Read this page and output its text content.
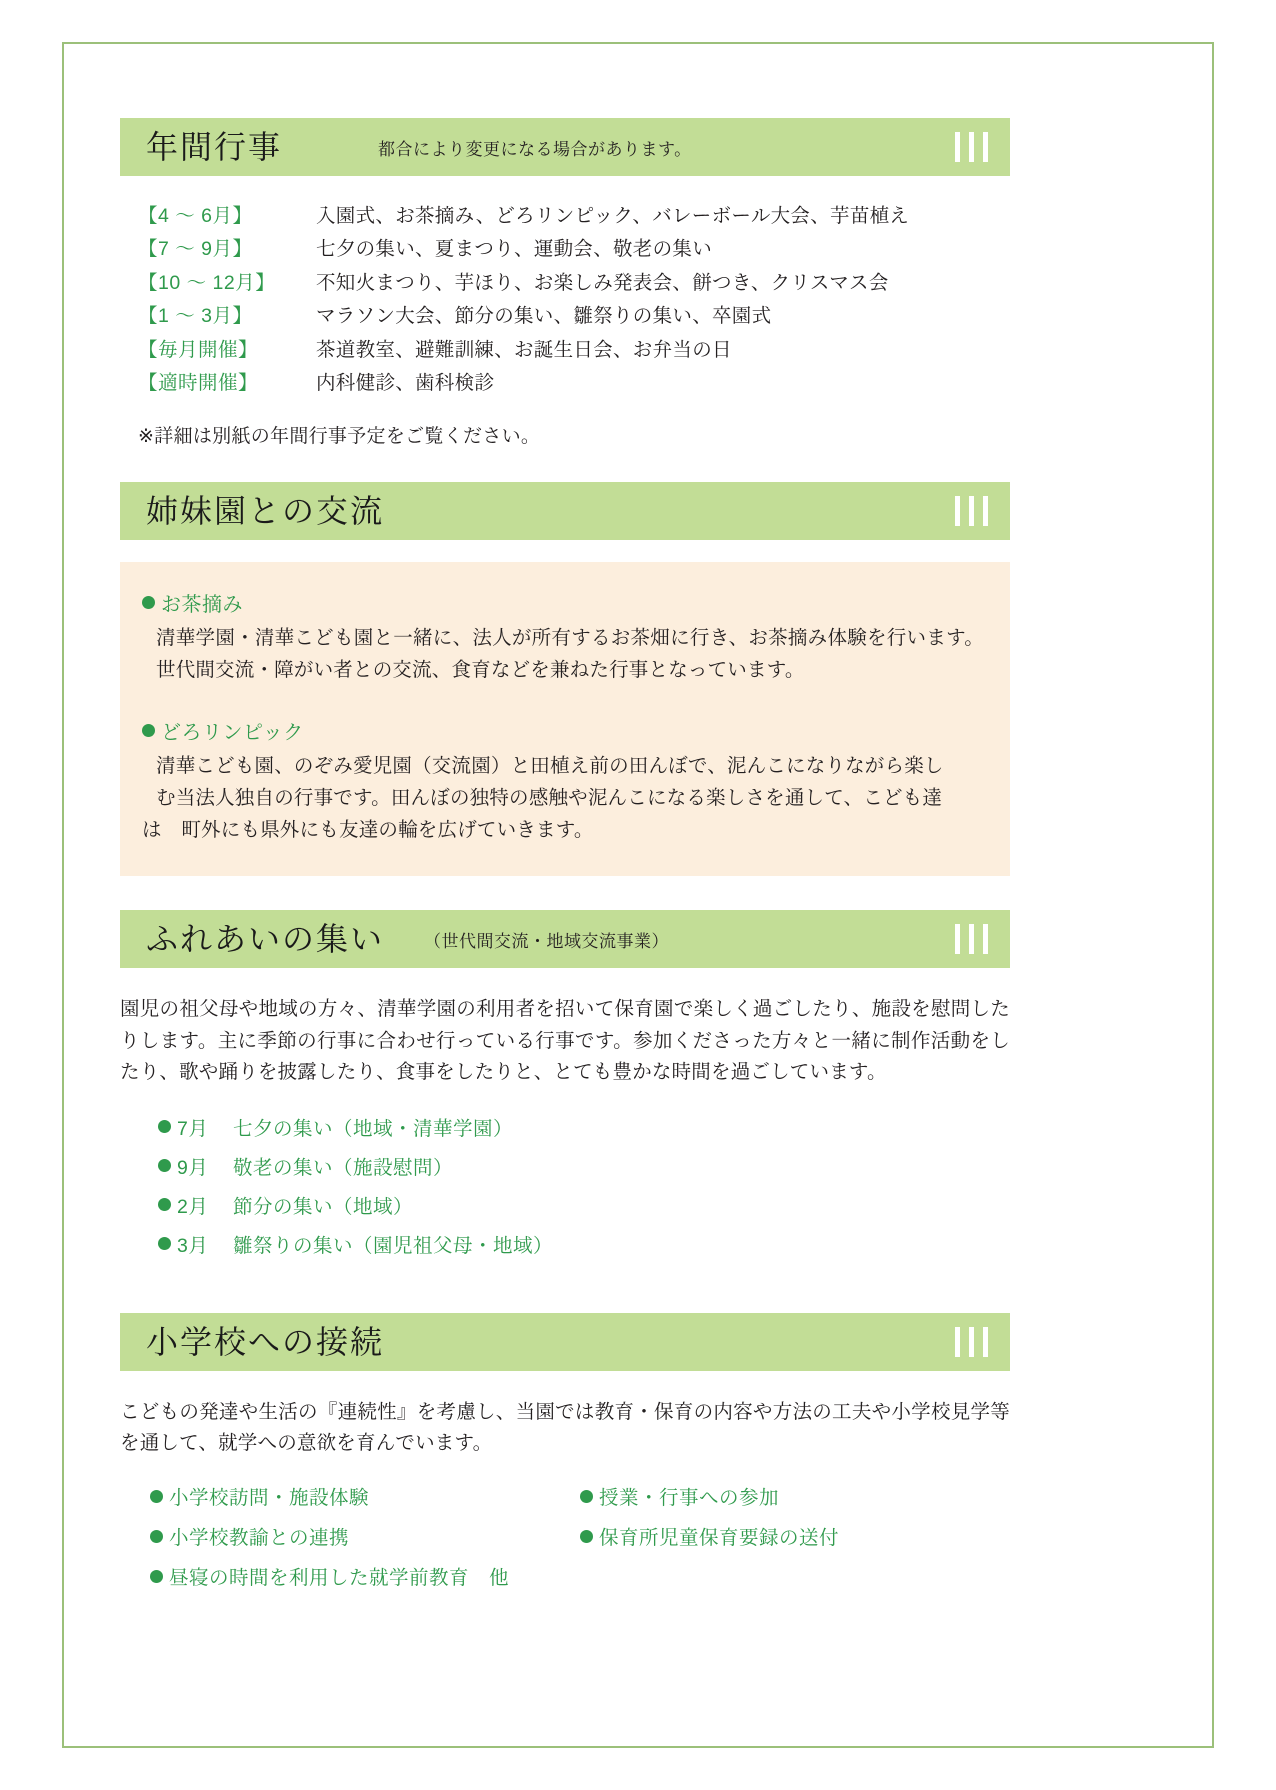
年間行事	都合により変更になる場合があります。
【4 ～ 6月】	入園式、お茶摘み、どろリンピック、バレーボール大会、芋苗植え
【7 ～ 9月】	七夕の集い、夏まつり、運動会、敬老の集い
【10 ～ 12月】	不知火まつり、芋ほり、お楽しみ発表会、餅つき、クリスマス会
【1 ～ 3月】	マラソン大会、節分の集い、雛祭りの集い、卒園式
【毎月開催】	茶道教室、避難訓練、お誕生日会、お弁当の日
【適時開催】	内科健診、歯科検診
※詳細は別紙の年間行事予定をご覧ください。
姉妹園との交流
お茶摘み
清華学園・清華こども園と一緒に、法人が所有するお茶畑に行き、お茶摘み体験を行います。世代間交流・障がい者との交流、食育などを兼ねた行事となっています。
どろリンピック
清華こども園、のぞみ愛児園（交流園）と田植え前の田んぼで、泥んこになりながら楽し
む当法人独自の行事です。田んぼの独特の感触や泥んこになる楽しさを通して、こども達
は　町外にも県外にも友達の輪を広げていきます。
ふれあいの集い （世代間交流・地域交流事業）
園児の祖父母や地域の方々、清華学園の利用者を招いて保育園で楽しく過ごしたり、施設を慰問したりします。主に季節の行事に合わせ行っている行事です。参加くださった方々と一緒に制作活動をしたり、歌や踊りを披露したり、食事をしたりと、とても豊かな時間を過ごしています。
7月	七夕の集い（地域・清華学園）
9月	敬老の集い（施設慰問）
2月	節分の集い（地域）
3月	雛祭りの集い（園児祖父母・地域）
小学校への接続
こどもの発達や生活の『連続性』を考慮し、当園では教育・保育の内容や方法の工夫や小学校見学等を通して、就学への意欲を育んでいます。
小学校訪問・施設体験
小学校教諭との連携
授業・行事への参加
保育所児童保育要録の送付
昼寝の時間を利用した就学前教育　他
